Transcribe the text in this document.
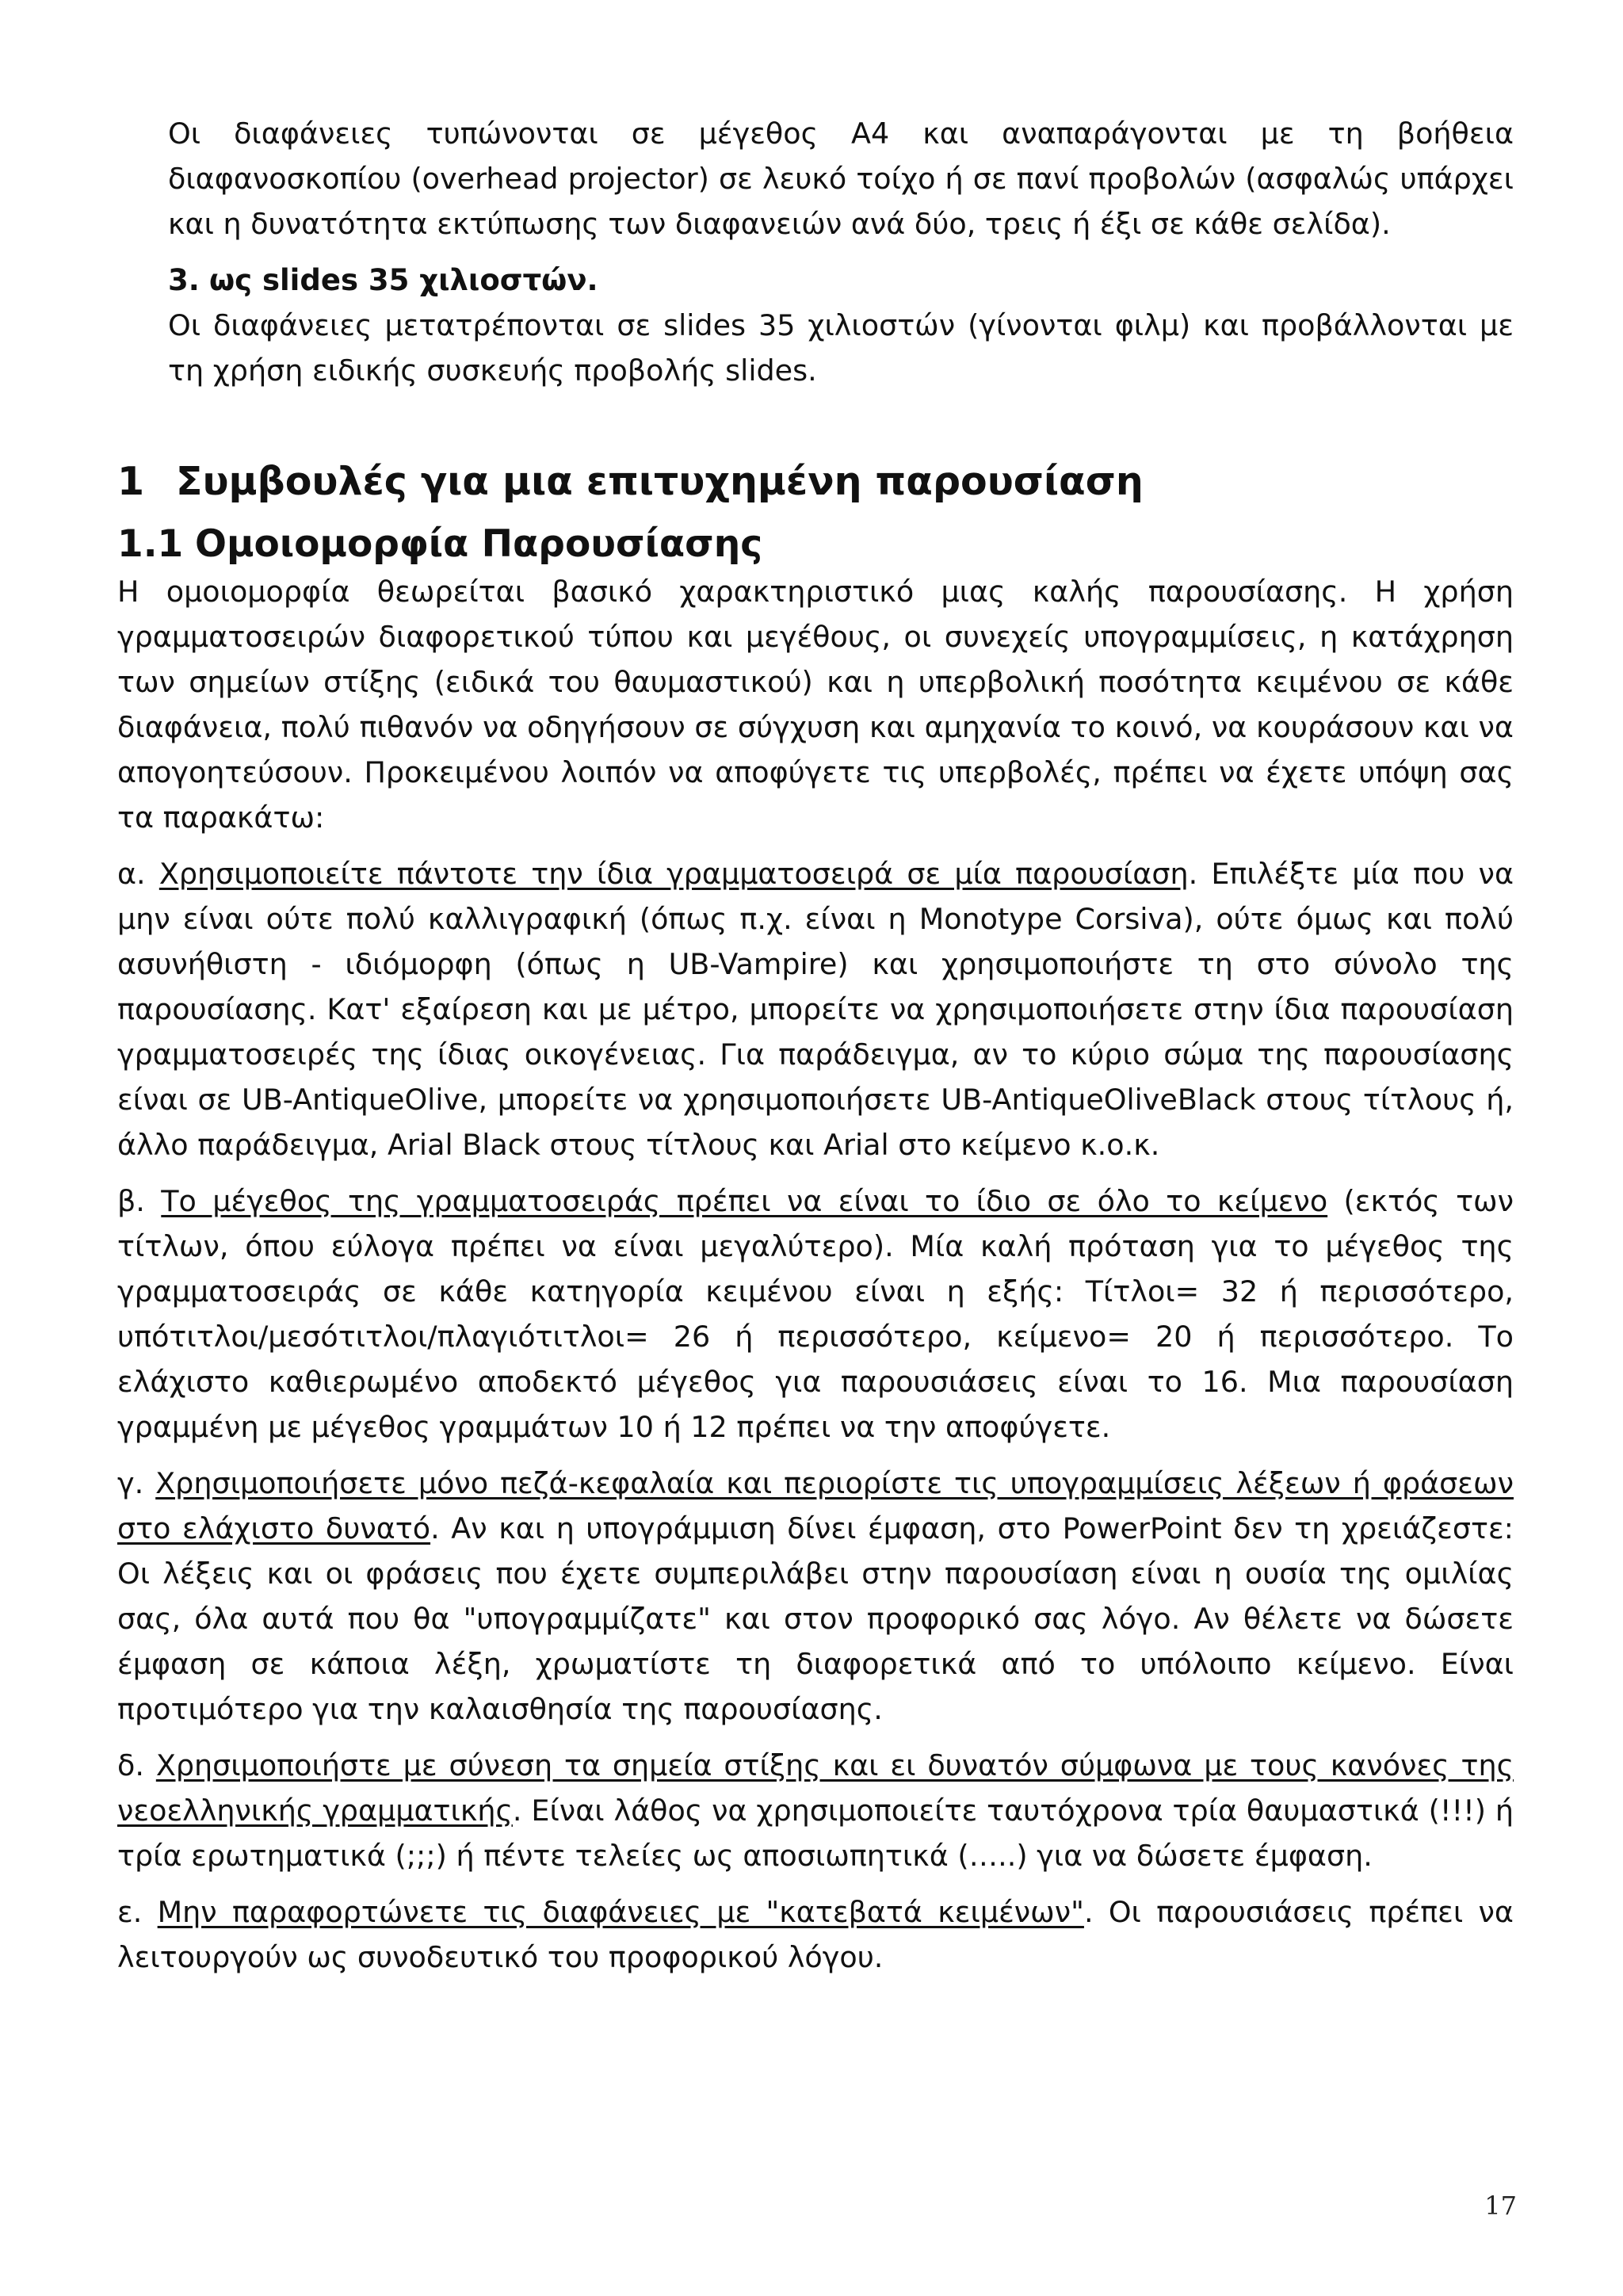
Οι διαφάνειες τυπώνονται σε μέγεθος A4 και αναπαράγονται με τη βοήθεια διαφανοσκοπίου (overhead projector) σε λευκό τοίχο ή σε πανί προβολών (ασφαλώς υπάρχει και η δυνατότητα εκτύπωσης των διαφανειών ανά δύο, τρεις ή έξι σε κάθε σελίδα).

3. ως slides 35 χιλιοστών.

Οι διαφάνειες μετατρέπονται σε slides 35 χιλιοστών (γίνονται φιλμ) και προβάλλονται με τη χρήση ειδικής συσκευής προβολής slides.

1 Συμβουλές για μια επιτυχημένη παρουσίαση
1.1 Ομοιομορφία Παρουσίασης

Η ομοιομορφία θεωρείται βασικό χαρακτηριστικό μιας καλής παρουσίασης. Η χρήση γραμματοσειρών διαφορετικού τύπου και μεγέθους, οι συνεχείς υπογραμμίσεις, η κατάχρηση των σημείων στίξης (ειδικά του θαυμαστικού) και η υπερβολική ποσότητα κειμένου σε κάθε διαφάνεια, πολύ πιθανόν να οδηγήσουν σε σύγχυση και αμηχανία το κοινό, να κουράσουν και να απογοητεύσουν. Προκειμένου λοιπόν να αποφύγετε τις υπερβολές, πρέπει να έχετε υπόψη σας τα παρακάτω:

α. Χρησιμοποιείτε πάντοτε την ίδια γραμματοσειρά σε μία παρουσίαση. Επιλέξτε μία που να μην είναι ούτε πολύ καλλιγραφική (όπως π.χ. είναι η Monotype Corsiva), ούτε όμως και πολύ ασυνήθιστη - ιδιόμορφη (όπως η UB-Vampire) και χρησιμοποιήστε τη στο σύνολο της παρουσίασης. Κατ' εξαίρεση και με μέτρο, μπορείτε να χρησιμοποιήσετε στην ίδια παρουσίαση γραμματοσειρές της ίδιας οικογένειας. Για παράδειγμα, αν το κύριο σώμα της παρουσίασης είναι σε UB-AntiqueOlive, μπορείτε να χρησιμοποιήσετε UB-AntiqueOliveBlack στους τίτλους ή, άλλο παράδειγμα, Arial Black στους τίτλους και Arial στο κείμενο κ.ο.κ.

β. Το μέγεθος της γραμματοσειράς πρέπει να είναι το ίδιο σε όλο το κείμενο (εκτός των τίτλων, όπου εύλογα πρέπει να είναι μεγαλύτερο). Μία καλή πρόταση για το μέγεθος της γραμματοσειράς σε κάθε κατηγορία κειμένου είναι η εξής: Τίτλοι= 32 ή περισσότερο, υπότιτλοι/μεσότιτλοι/πλαγιότιτλοι= 26 ή περισσότερο, κείμενο= 20 ή περισσότερο. Το ελάχιστο καθιερωμένο αποδεκτό μέγεθος για παρουσιάσεις είναι το 16. Μια παρουσίαση γραμμένη με μέγεθος γραμμάτων 10 ή 12 πρέπει να την αποφύγετε.

γ. Χρησιμοποιήσετε μόνο πεζά-κεφαλαία και περιορίστε τις υπογραμμίσεις λέξεων ή φράσεων στο ελάχιστο δυνατό. Αν και η υπογράμμιση δίνει έμφαση, στο PowerPoint δεν τη χρειάζεστε: Οι λέξεις και οι φράσεις που έχετε συμπεριλάβει στην παρουσίαση είναι η ουσία της ομιλίας σας, όλα αυτά που θα "υπογραμμίζατε" και στον προφορικό σας λόγο. Αν θέλετε να δώσετε έμφαση σε κάποια λέξη, χρωματίστε τη διαφορετικά από το υπόλοιπο κείμενο. Είναι προτιμότερο για την καλαισθησία της παρουσίασης.

δ. Χρησιμοποιήστε με σύνεση τα σημεία στίξης και ει δυνατόν σύμφωνα με τους κανόνες της νεοελληνικής γραμματικής. Είναι λάθος να χρησιμοποιείτε ταυτόχρονα τρία θαυμαστικά (!!!) ή τρία ερωτηματικά (;;;) ή πέντε τελείες ως αποσιωπητικά (…..) για να δώσετε έμφαση.

ε. Μην παραφορτώνετε τις διαφάνειες με "κατεβατά κειμένων". Οι παρουσιάσεις πρέπει να λειτουργούν ως συνοδευτικό του προφορικού λόγου.

17
